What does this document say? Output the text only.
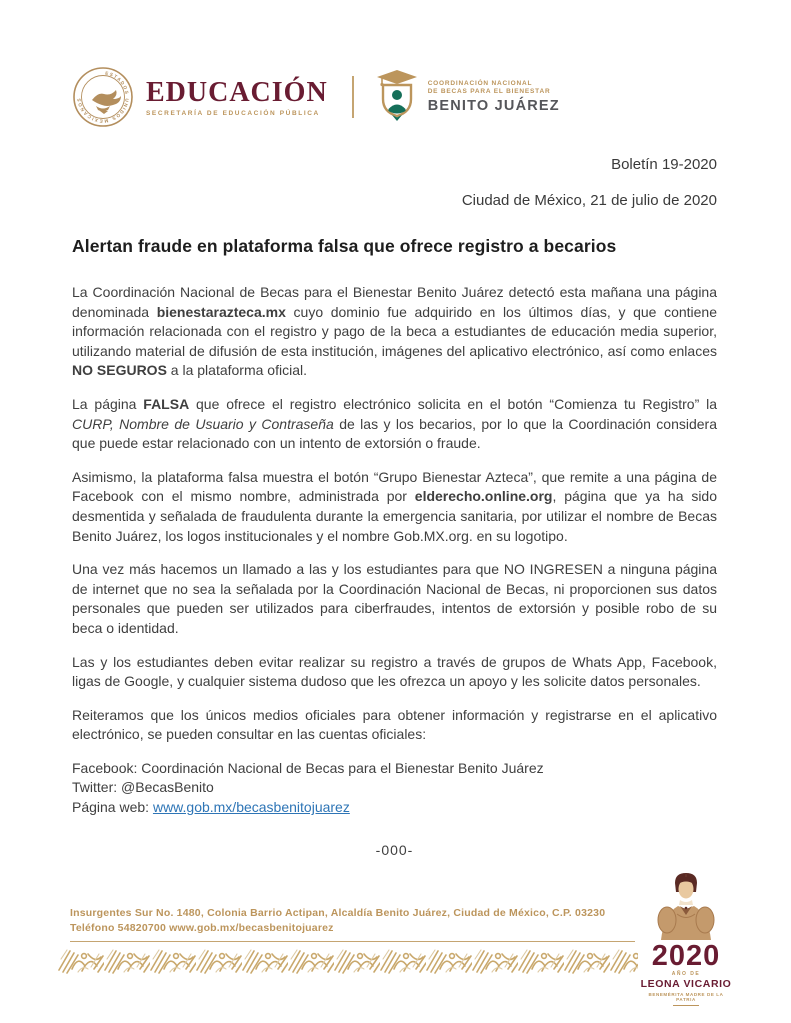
ESTADOS UNIDOS MEXICANOS	EDUCACIÓN
SECRETARÍA DE EDUCACIÓN PÚBLICA
COORDINACIÓN NACIONAL
DE BECAS PARA EL BIENESTAR
BENITO JUÁREZ
Boletín 19-2020
Ciudad de México, 21 de julio de 2020
Alertan fraude en plataforma falsa que ofrece registro a becarios

La Coordinación Nacional de Becas para el Bienestar Benito Juárez detectó esta mañana una página denominada bienestarazteca.mx cuyo dominio fue adquirido en los últimos días, y que contiene información relacionada con el registro y pago de la beca a estudiantes de educación media superior, utilizando material de difusión de esta institución, imágenes del aplicativo electrónico, así como enlaces NO SEGUROS a la plataforma oficial.

La página FALSA que ofrece el registro electrónico solicita en el botón “Comienza tu Registro” la CURP, Nombre de Usuario y Contraseña de las y los becarios, por lo que la Coordinación considera que puede estar relacionado con un intento de extorsión o fraude.

Asimismo, la plataforma falsa muestra el botón “Grupo Bienestar Azteca”, que remite a una página de Facebook con el mismo nombre, administrada por elderecho.online.org, página que ya ha sido desmentida y señalada de fraudulenta durante la emergencia sanitaria, por utilizar el nombre de Becas Benito Juárez, los logos institucionales y el nombre Gob.MX.org. en su logotipo.

Una vez más hacemos un llamado a las y los estudiantes para que NO INGRESEN a ninguna página de internet que no sea la señalada por la Coordinación Nacional de Becas, ni proporcionen sus datos personales que pueden ser utilizados para ciberfraudes, intentos de extorsión y posible robo de su beca o identidad.

Las y los estudiantes deben evitar realizar su registro a través de grupos de Whats App, Facebook, ligas de Google, y cualquier sistema dudoso que les ofrezca un apoyo y les solicite datos personales.

Reiteramos que los únicos medios oficiales para obtener información y registrarse en el aplicativo electrónico, se pueden consultar en las cuentas oficiales:

Facebook: Coordinación Nacional de Becas para el Bienestar Benito Juárez
Twitter: @BecasBenito
Página web: www.gob.mx/becasbenitojuarez
-000-
Insurgentes Sur No. 1480, Colonia Barrio Actipan, Alcaldía Benito Juárez, Ciudad de México, C.P. 03230
Teléfono 54820700 www.gob.mx/becasbenitojuarez
2020
AÑO DE
LEONA VICARIO
BENEMÉRITA MADRE DE LA PATRIA
